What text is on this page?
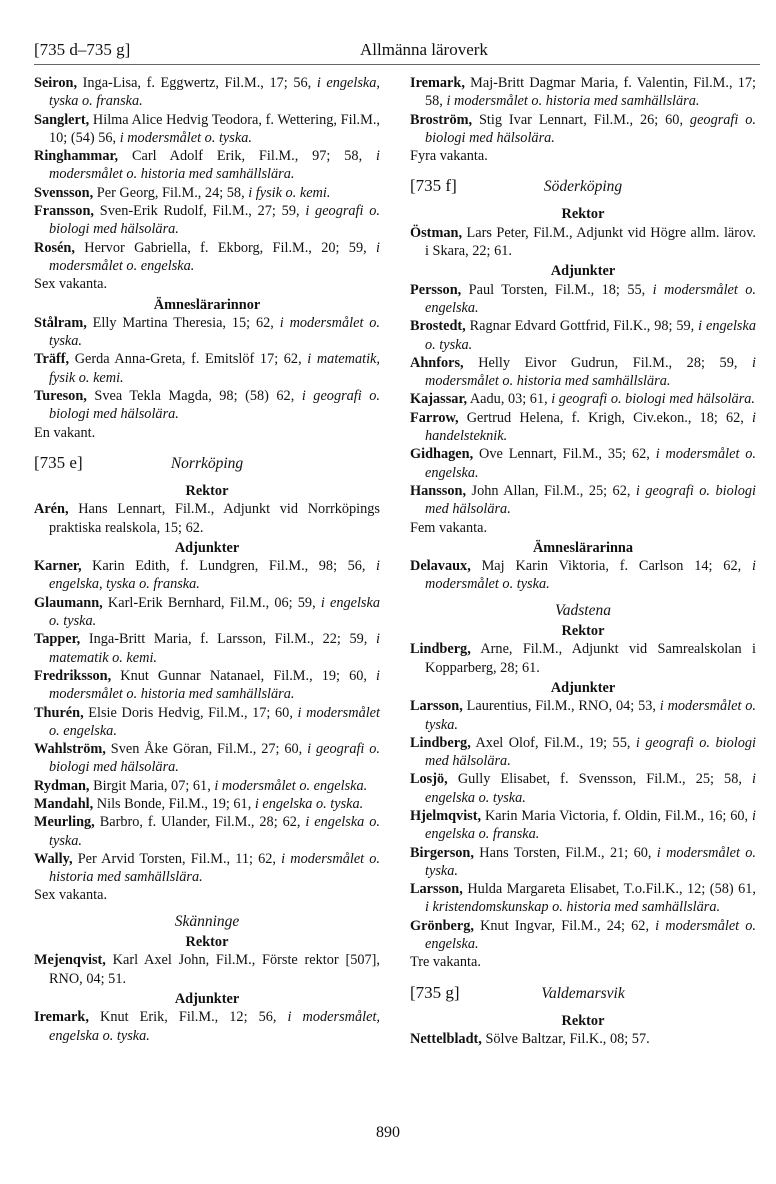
[735 d–735 g]	Allmänna läroverk
Seiron, Inga-Lisa, f. Eggwertz, Fil.M., 17; 56, i engelska, tyska o. franska.
Sanglert, Hilma Alice Hedvig Teodora, f. Wettering, Fil.M., 10; (54) 56, i modersmålet o. tyska.
Ringhammar, Carl Adolf Erik, Fil.M., 97; 58, i modersmålet o. historia med samhällslära.
Svensson, Per Georg, Fil.M., 24; 58, i fysik o. kemi.
Fransson, Sven-Erik Rudolf, Fil.M., 27; 59, i geografi o. biologi med hälsolära.
Rosén, Hervor Gabriella, f. Ekborg, Fil.M., 20; 59, i modersmålet o. engelska.
Sex vakanta.
Ämneslärarinnor
Stålram, Elly Martina Theresia, 15; 62, i modersmålet o. tyska.
Träff, Gerda Anna-Greta, f. Emitslöf 17; 62, i matematik, fysik o. kemi.
Tureson, Svea Tekla Magda, 98; (58) 62, i geografi o. biologi med hälsolära.
En vakant.
[735 e]	Norrköping
Rektor
Arén, Hans Lennart, Fil.M., Adjunkt vid Norrköpings praktiska realskola, 15; 62.
Adjunkter
Karner, Karin Edith, f. Lundgren, Fil.M., 98; 56, i engelska, tyska o. franska.
Glaumann, Karl-Erik Bernhard, Fil.M., 06; 59, i engelska o. tyska.
Tapper, Inga-Britt Maria, f. Larsson, Fil.M., 22; 59, i matematik o. kemi.
Fredriksson, Knut Gunnar Natanael, Fil.M., 19; 60, i modersmålet o. historia med samhällslära.
Thurén, Elsie Doris Hedvig, Fil.M., 17; 60, i modersmålet o. engelska.
Wahlström, Sven Åke Göran, Fil.M., 27; 60, i geografi o. biologi med hälsolära.
Rydman, Birgit Maria, 07; 61, i modersmålet o. engelska.
Mandahl, Nils Bonde, Fil.M., 19; 61, i engelska o. tyska.
Meurling, Barbro, f. Ulander, Fil.M., 28; 62, i engelska o. tyska.
Wally, Per Arvid Torsten, Fil.M., 11; 62, i modersmålet o. historia med samhällslära.
Sex vakanta.
Skänninge
Rektor
Mejenqvist, Karl Axel John, Fil.M., Förste rektor [507], RNO, 04; 51.
Adjunkter
Iremark, Knut Erik, Fil.M., 12; 56, i modersmålet, engelska o. tyska.
Iremark, Maj-Britt Dagmar Maria, f. Valentin, Fil.M., 17; 58, i modersmålet o. historia med samhällslära.
Broström, Stig Ivar Lennart, Fil.M., 26; 60, geografi o. biologi med hälsolära.
Fyra vakanta.
[735 f]	Söderköping
Rektor
Östman, Lars Peter, Fil.M., Adjunkt vid Högre allm. lärov. i Skara, 22; 61.
Adjunkter
Persson, Paul Torsten, Fil.M., 18; 55, i modersmålet o. engelska.
Brostedt, Ragnar Edvard Gottfrid, Fil.K., 98; 59, i engelska o. tyska.
Ahnfors, Helly Eivor Gudrun, Fil.M., 28; 59, i modersmålet o. historia med samhällslära.
Kajassar, Aadu, 03; 61, i geografi o. biologi med hälsolära.
Farrow, Gertrud Helena, f. Krigh, Civ.ekon., 18; 62, i handelsteknik.
Gidhagen, Ove Lennart, Fil.M., 35; 62, i modersmålet o. engelska.
Hansson, John Allan, Fil.M., 25; 62, i geografi o. biologi med hälsolära.
Fem vakanta.
Ämneslärarinna
Delavaux, Maj Karin Viktoria, f. Carlson 14; 62, i modersmålet o. tyska.
Vadstena
Rektor
Lindberg, Arne, Fil.M., Adjunkt vid Samrealskolan i Kopparberg, 28; 61.
Adjunkter
Larsson, Laurentius, Fil.M., RNO, 04; 53, i modersmålet o. tyska.
Lindberg, Axel Olof, Fil.M., 19; 55, i geografi o. biologi med hälsolära.
Losjö, Gully Elisabet, f. Svensson, Fil.M., 25; 58, i engelska o. tyska.
Hjelmqvist, Karin Maria Victoria, f. Oldin, Fil.M., 16; 60, i engelska o. franska.
Birgerson, Hans Torsten, Fil.M., 21; 60, i modersmålet o. tyska.
Larsson, Hulda Margareta Elisabet, T.o.Fil.K., 12; (58) 61, i kristendomskunskap o. historia med samhällslära.
Grönberg, Knut Ingvar, Fil.M., 24; 62, i modersmålet o. engelska.
Tre vakanta.
[735 g]	Valdemarsvik
Rektor
Nettelbladt, Sölve Baltzar, Fil.K., 08; 57.
890
